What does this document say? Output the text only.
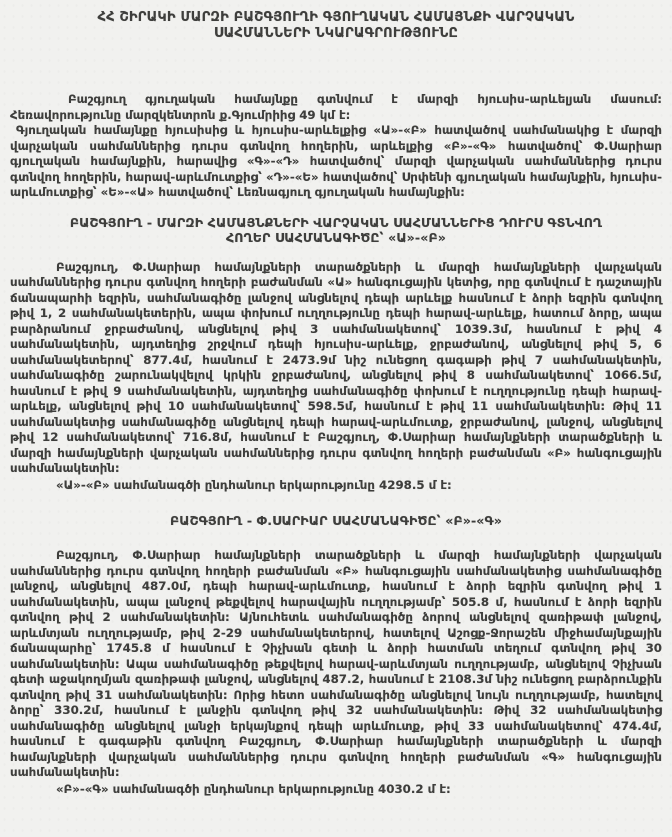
ՀՀ ՇԻՐԱԿԻ ՄԱՐԶԻ ԲԱՇԳՅՈՒՂԻ ԳՅՈՒՂԱԿԱՆ ՀԱՄԱՅՆՔԻ ՎԱՐՉԱԿԱՆ
ՍԱՀՄԱՆՆԵՐԻ ՆԿԱՐԱԳՐՈՒԹՅՈՒՆԸ

Բաշգյուղ գյուղական համայնքը գտնվում է մարզի հյուսիս-արևելյան մասում: Հեռավորությունը մարզկենտրոն ք.Գյումրիից 49 կմ է:

Գյուղական համայնքը հյուսիսից և հյուսիս-արևելքից «Ա»-«Բ» հատվածով սահմանակից է մարզի վարչական սահմաններից դուրս գտնվող հողերին, արևելքից «Բ»-«Գ» հատվածով՝ Փ.Սարիար գյուղական համայնքին, հարավից «Գ»-«Դ» հատվածով՝ մարզի վարչական սահմաններից դուրս գտնվող հողերին, հարավ-արևմուտքից՝ «Դ»-«Ե» հատվածով՝ Սրփենի գյուղական համայնքին, հյուսիս-արևմուտքից՝ «Ե»-«Ա» հատվածով՝ Լեռնագյուղ գյուղական համայնքին:

ԲԱՇԳՅՈՒՂ - ՄԱՐԶԻ ՀԱՄԱՅՆՔՆԵՐԻ ՎԱՐՉԱԿԱՆ ՍԱՀՄԱՆՆԵՐԻՑ ԴՈՒՐՍ ԳՏՆՎՈՂ
ՀՈՂԵՐ ՍԱՀՄԱՆԱԳԻԾԸ՝ «Ա»-«Բ»

Բաշգյուղ, Փ.Սարիար համայնքների տարածքների և մարզի համայնքների վարչական սահմաններից դուրս գտնվող հողերի բաժանման «Ա» հանգուցային կետից, որը գտնվում է դաշտային ճանապարհի եզրին, սահմանագիծը լանջով անցնելով դեպի արևելք հասնում է ձորի եզրին գտնվող թիվ 1, 2 սահմանակետերին, ապա փոխում ուղղությունը դեպի հարավ-արևելք, հատում ձորը, ապա բարձրանում ջրբաժանով, անցնելով թիվ 3 սահմանակետով՝ 1039.3մ, հասնում է թիվ 4 սահմանակետին, այդտեղից շրջվում դեպի հյուսիս-արևելք, ջրբաժանով, անցնելով թիվ 5, 6 սահմանակետերով՝ 877.4մ, հասնում է 2473.9մ նիշ ունեցող գագաթի թիվ 7 սահմանակետին, սահմանագիծը շարունակվելով կրկին ջրբաժանով, անցնելով թիվ 8 սահմանակետով՝ 1066.5մ, հասնում է թիվ 9 սահմանակետին, այդտեղից սահմանագիծը փոխում է ուղղությունը դեպի հարավ-արևելք, անցնելով թիվ 10 սահմանակետով՝ 598.5մ, հասնում է թիվ 11 սահմանակետին: Թիվ 11 սահմանակետից սահմանագիծը անցնելով դեպի հարավ-արևմուտք, ջրբաժանով, լանջով, անցնելով թիվ 12 սահմանակետով՝ 716.8մ, հասնում է Բաշգյուղ, Փ.Սարիար համայնքների տարածքների և մարզի համայնքների վարչական սահմաններից դուրս գտնվող հողերի բաժանման «Բ» հանգուցային սահմանակետին:

«Ա»-«Բ» սահմանագծի ընդհանուր երկարությունը 4298.5 մ է:

ԲԱՇԳՅՈՒՂ - Փ.ՍԱՐԻԱՐ ՍԱՀՄԱՆԱԳԻԾԸ՝ «Բ»-«Գ»

Բաշգյուղ, Փ.Սարիար համայնքների տարածքների և մարզի համայնքների վարչական սահմաններից դուրս գտնվող հողերի բաժանման «Բ» հանգուցային սահմանակետից սահմանագիծը լանջով, անցնելով 487.0մ, դեպի հարավ-արևմուտք, հասնում է ձորի եզրին գտնվող թիվ 1 սահմանակետին, ապա լանջով թեքվելով հարավային ուղղությամբ՝ 505.8 մ, հասնում է ձորի եզրին գտնվող թիվ 2 սահմանակետին: Այնուհետև սահմանագիծը ձորով անցնելով զառիթափ լանջով, արևմտյան ուղղությամբ, թիվ 2-29 սահմանակետերով, հատելով Աշոցք-Ջորաշեն միջհամայնքային ճանապարհը՝ 1745.8 մ հասնում է Չիչխան գետի և ձորի հատման տեղում գտնվող թիվ 30 սահմանակետին: Ապա սահմանագիծը թեքվելով հարավ-արևմտյան ուղղությամբ, անցնելով Չիչխան գետի աջակողմյան զառիթափ լանջով, անցնելով 487.2, հասնում է 2108.3մ նիշ ունեցող բարձրունքին գտնվող թիվ 31 սահմանակետին: Որից հետո սահմանագիծը անցնելով նույն ուղղությամբ, հատելով ձորը՝ 330.2մ, հասնում է լանջին գտնվող թիվ 32 սահմանակետին: Թիվ 32 սահմանակետից սահմանագիծը անցնելով լանջի երկայնքով դեպի արևմուտք, թիվ 33 սահմանակետով՝ 474.4մ, հասնում է գագաթին գտնվող Բաշգյուղ, Փ.Սարիար համայնքների տարածքների և մարզի համայնքների վարչական սահմաններից դուրս գտնվող հողերի բաժանման «Գ» հանգուցային սահմանակետին:

«Բ»-«Գ» սահմանագծի ընդհանուր երկարությունը 4030.2 մ է:
